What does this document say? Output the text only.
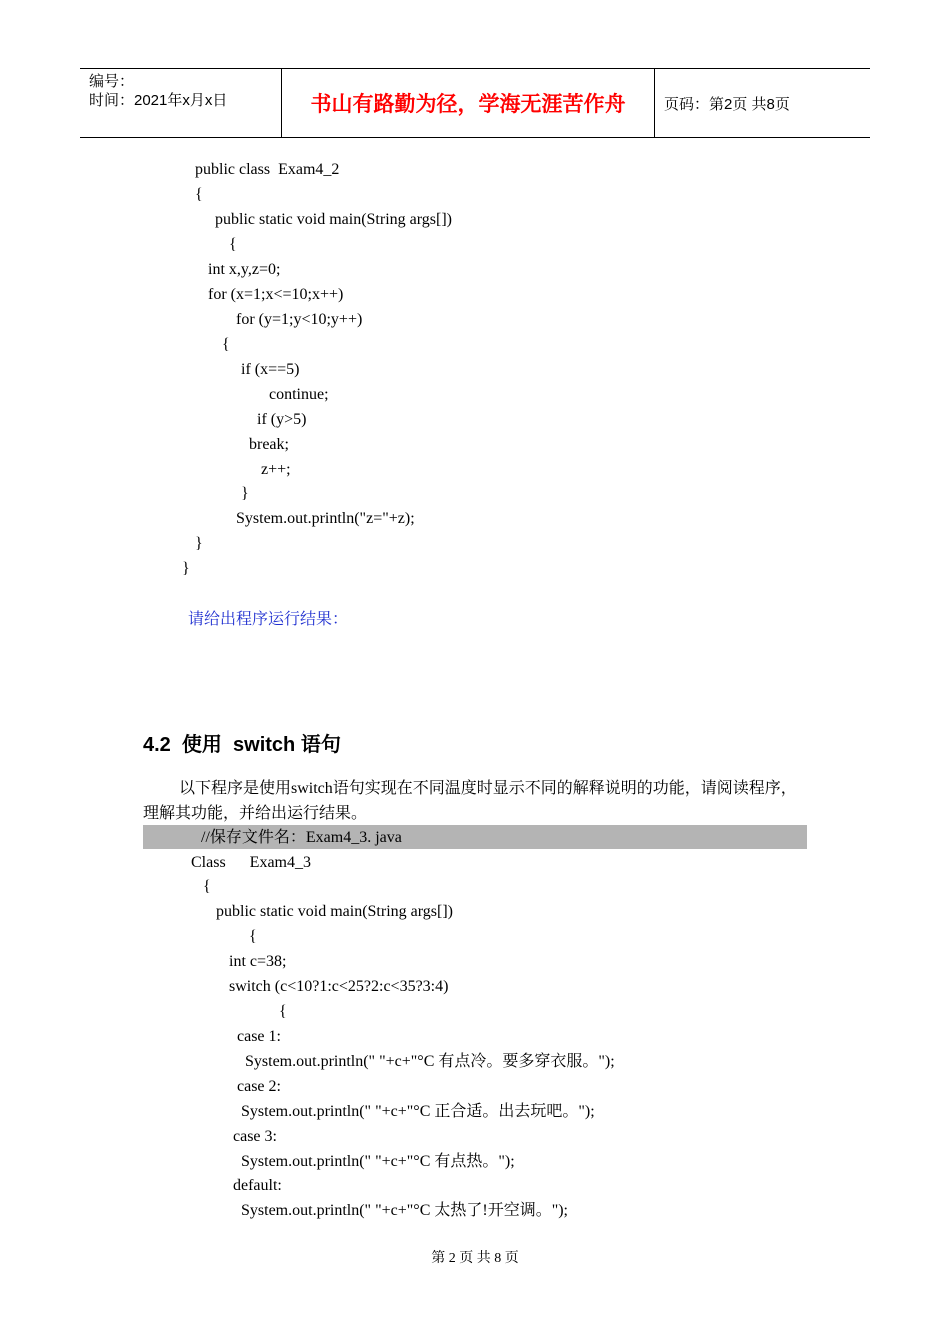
编号：
时间：2021年x月x日	书山有路勤为径，学海无涯苦作舟	页码：第2页 共8页
public class  Exam4_2
{
public static void main(String args[])
{
int x,y,z=0;
for (x=1;x<=10;x++)
for (y=1;y<10;y++)
{
if (x==5)
continue;
if (y>5)
break;
z++;
}
System.out.println("z="+z);
}
}
请给出程序运行结果：
4.2  使用  switch 语句
以下程序是使用switch语句实现在不同温度时显示不同的解释说明的功能，请阅读程序，理解其功能，并给出运行结果。
//保存文件名：Exam4_3. java
Class      Exam4_3
{
public static void main(String args[])
{
int c=38;
switch (c<10?1:c<25?2:c<35?3:4)
{
case 1:
System.out.println(" "+c+"°C 有点冷。要多穿衣服。");
case 2:
System.out.println(" "+c+"°C 正合适。出去玩吧。");
case 3:
System.out.println(" "+c+"°C 有点热。");
default:
System.out.println(" "+c+"°C 太热了!开空调。");
第 2 页 共 8 页
